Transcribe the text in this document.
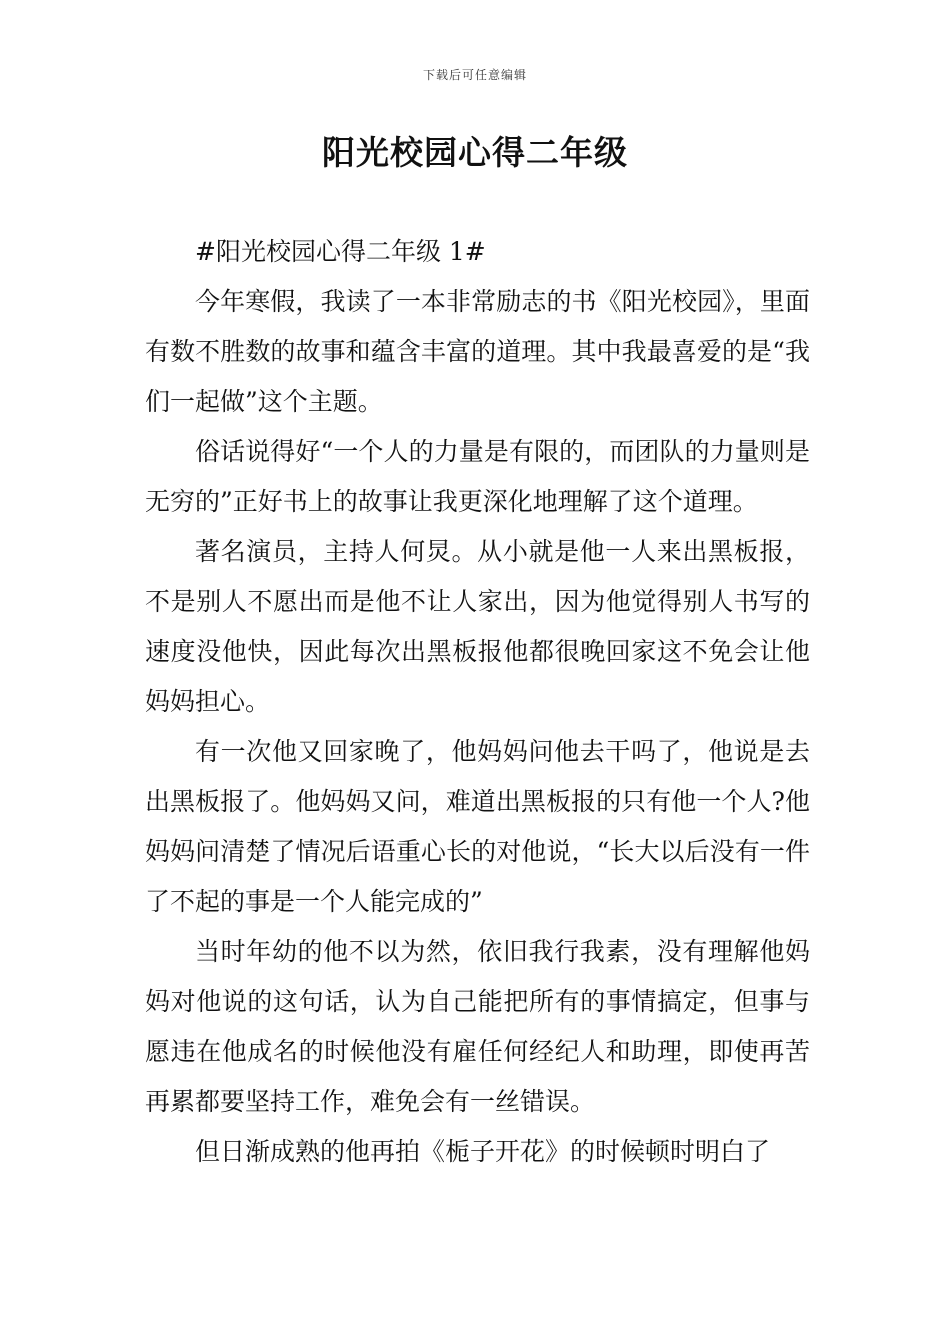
下载后可任意编辑
阳光校园心得二年级

#阳光校园心得二年级 1#

今年寒假，我读了一本非常励志的书《阳光校园》，里面有数不胜数的故事和蕴含丰富的道理。其中我最喜爱的是“我们一起做”这个主题。

俗话说得好“一个人的力量是有限的，而团队的力量则是无穷的”正好书上的故事让我更深化地理解了这个道理。

著名演员，主持人何炅。从小就是他一人来出黑板报，不是别人不愿出而是他不让人家出，因为他觉得别人书写的速度没他快，因此每次出黑板报他都很晚回家这不免会让他妈妈担心。

有一次他又回家晚了，他妈妈问他去干吗了，他说是去出黑板报了。他妈妈又问，难道出黑板报的只有他一个人?他妈妈问清楚了情况后语重心长的对他说，“长大以后没有一件了不起的事是一个人能完成的”

当时年幼的他不以为然，依旧我行我素，没有理解他妈妈对他说的这句话，认为自己能把所有的事情搞定，但事与愿违在他成名的时候他没有雇任何经纪人和助理，即使再苦再累都要坚持工作，难免会有一丝错误。

但日渐成熟的他再拍《栀子开花》的时候顿时明白了
